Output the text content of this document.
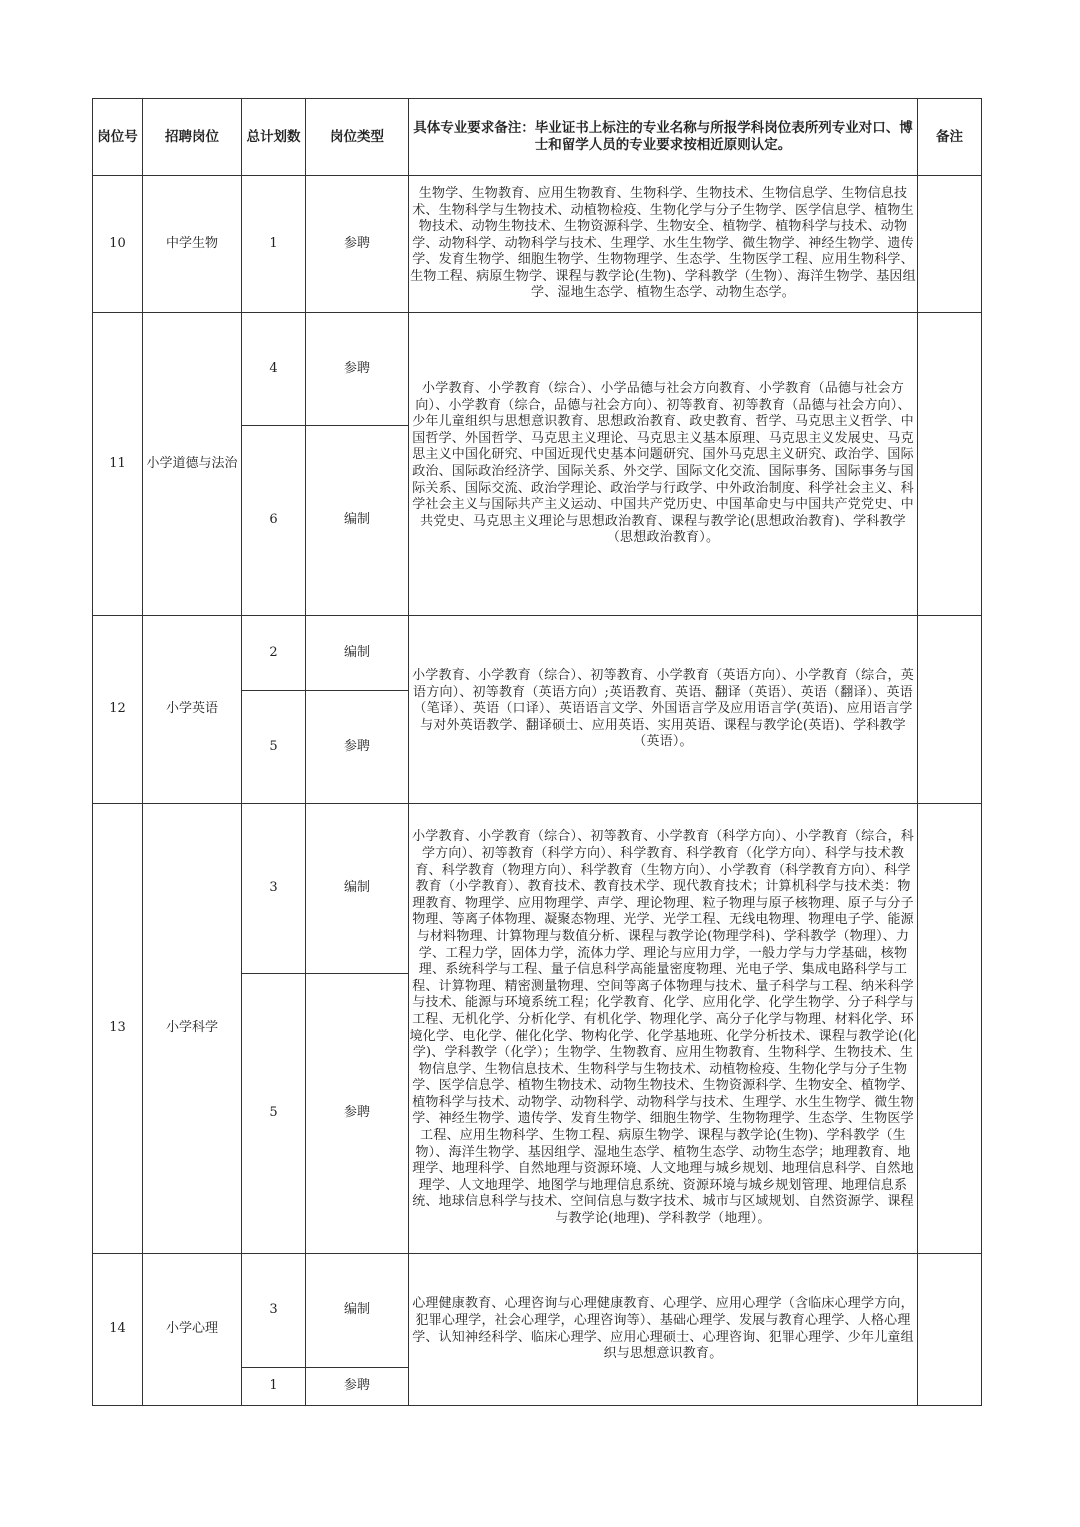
岗位号	招聘岗位	总计划数	岗位类型	具体专业要求备注：毕业证书上标注的专业名称与所报学科岗位表所列专业对口、博士和留学人员的专业要求按相近原则认定。	备注
10	中学生物	1	参聘	生物学、生物教育、应用生物教育、生物科学、生物技术、生物信息学、生物信息技术、生物科学与生物技术、动植物检疫、生物化学与分子生物学、医学信息学、植物生物技术、动物生物技术、生物资源科学、生物安全、植物学、植物科学与技术、动物学、动物科学、动物科学与技术、生理学、水生生物学、微生物学、神经生物学、遗传学、发育生物学、细胞生物学、生物物理学、生态学、生物医学工程、应用生物科学、生物工程、病原生物学、课程与教学论(生物)、学科教学（生物）、海洋生物学、基因组学、湿地生态学、植物生态学、动物生态学。	
11	小学道德与法治	4	参聘	小学教育、小学教育（综合）、小学品德与社会方向教育、小学教育（品德与社会方向）、小学教育（综合，品德与社会方向）、初等教育、初等教育（品德与社会方向）、少年儿童组织与思想意识教育、思想政治教育、政史教育、哲学、马克思主义哲学、中国哲学、外国哲学、马克思主义理论、马克思主义基本原理、马克思主义发展史、马克思主义中国化研究、中国近现代史基本问题研究、国外马克思主义研究、政治学、国际政治、国际政治经济学、国际关系、外交学、国际文化交流、国际事务、国际事务与国际关系、国际交流、政治学理论、政治学与行政学、中外政治制度、科学社会主义、科学社会主义与国际共产主义运动、中国共产党历史、中国革命史与中国共产党党史、中共党史、马克思主义理论与思想政治教育、课程与教学论(思想政治教育)、学科教学（思想政治教育）。	
		6	编制		
12	小学英语	2	编制	小学教育、小学教育（综合）、初等教育、小学教育（英语方向）、小学教育（综合，英语方向）、初等教育（英语方向）;英语教育、英语、翻译（英语）、英语（翻译）、英语（笔译）、英语（口译）、英语语言文学、外国语言学及应用语言学(英语)、应用语言学与对外英语教学、翻译硕士、应用英语、实用英语、课程与教学论(英语)、学科教学（英语）。	
		5	参聘		
13	小学科学	3	编制	小学教育、小学教育（综合）、初等教育、小学教育（科学方向）、小学教育（综合，科学方向）、初等教育（科学方向）、科学教育、科学教育（化学方向）、科学与技术教育、科学教育（物理方向）、科学教育（生物方向）、小学教育（科学教育方向）、科学教育（小学教育）、教育技术、教育技术学、现代教育技术；计算机科学与技术类：物理教育、物理学、应用物理学、声学、理论物理、粒子物理与原子核物理、原子与分子物理、等离子体物理、凝聚态物理、光学、光学工程、无线电物理、物理电子学、能源与材料物理、计算物理与数值分析、课程与教学论(物理学科)、学科教学（物理）、力学、工程力学，固体力学，流体力学、理论与应用力学，一般力学与力学基础，核物理、系统科学与工程、量子信息科学高能量密度物理、光电子学、集成电路科学与工程、计算物理、精密测量物理、空间等离子体物理与技术、量子科学与工程、纳米科学与技术、能源与环境系统工程；化学教育、化学、应用化学、化学生物学、分子科学与工程、无机化学、分析化学、有机化学、物理化学、高分子化学与物理、材料化学、环境化学、电化学、催化化学、物构化学、化学基地班、化学分析技术、课程与教学论(化学)、学科教学（化学）；生物学、生物教育、应用生物教育、生物科学、生物技术、生物信息学、生物信息技术、生物科学与生物技术、动植物检疫、生物化学与分子生物学、医学信息学、植物生物技术、动物生物技术、生物资源科学、生物安全、植物学、植物科学与技术、动物学、动物科学、动物科学与技术、生理学、水生生物学、微生物学、神经生物学、遗传学、发育生物学、细胞生物学、生物物理学、生态学、生物医学工程、应用生物科学、生物工程、病原生物学、课程与教学论(生物)、学科教学（生物）、海洋生物学、基因组学、湿地生态学、植物生态学、动物生态学；地理教育、地理学、地理科学、自然地理与资源环境、人文地理与城乡规划、地理信息科学、自然地理学、人文地理学、地图学与地理信息系统、资源环境与城乡规划管理、地理信息系统、地球信息科学与技术、空间信息与数字技术、城市与区域规划、自然资源学、课程与教学论(地理)、学科教学（地理）。	
		5	参聘		
14	小学心理	3	编制	心理健康教育、心理咨询与心理健康教育、心理学、应用心理学（含临床心理学方向，犯罪心理学，社会心理学，心理咨询等）、基础心理学、发展与教育心理学、人格心理学、认知神经科学、临床心理学、应用心理硕士、心理咨询、犯罪心理学、少年儿童组织与思想意识教育。	
		1	参聘		
